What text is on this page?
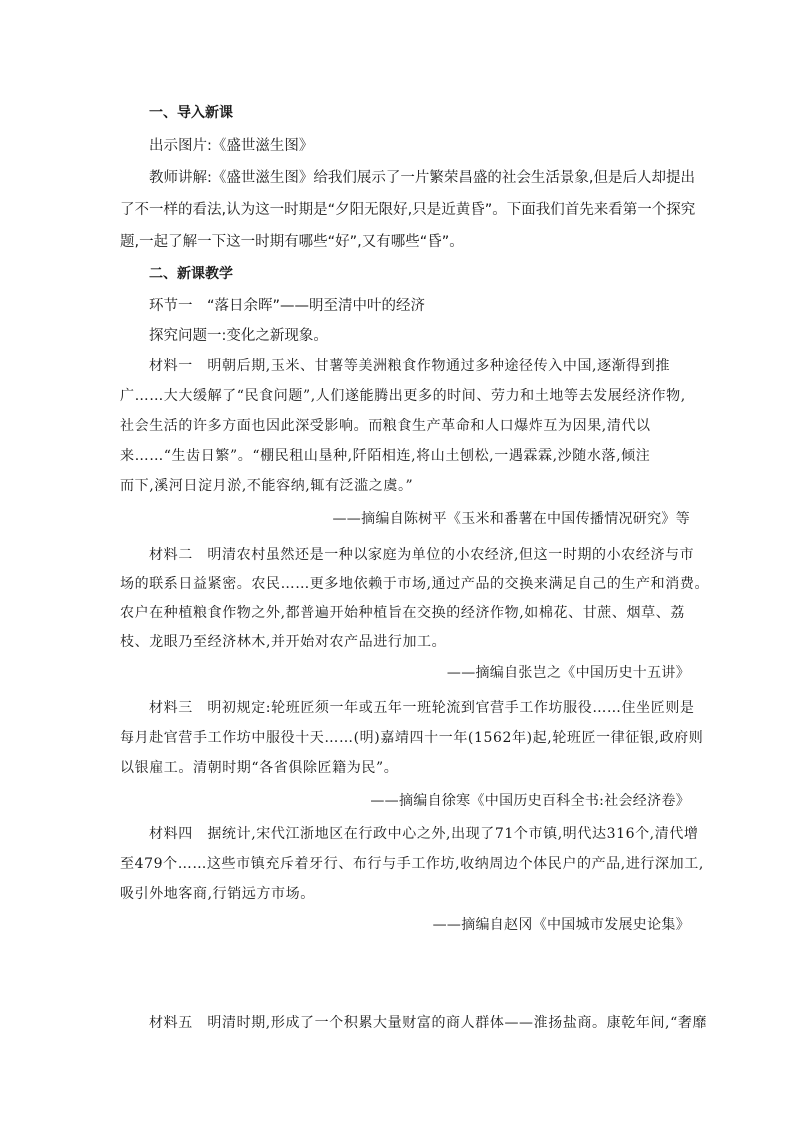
一、导入新课
出示图片:《盛世滋生图》
教师讲解:《盛世滋生图》给我们展示了一片繁荣昌盛的社会生活景象,但是后人却提出
了不一样的看法,认为这一时期是“夕阳无限好,只是近黄昏”。下面我们首先来看第一个探究
题,一起了解一下这一时期有哪些“好”,又有哪些“昏”。
二、新课教学
环节一　“落日余晖”——明至清中叶的经济
探究问题一:变化之新现象。
材料一　明朝后期,玉米、甘薯等美洲粮食作物通过多种途径传入中国,逐渐得到推
广……大大缓解了“民食问题”,人们遂能腾出更多的时间、劳力和土地等去发展经济作物,
社会生活的许多方面也因此深受影响。而粮食生产革命和人口爆炸互为因果,清代以
来……“生齿日繁”。“棚民租山垦种,阡陌相连,将山土刨松,一遇霖霖,沙随水落,倾注
而下,溪河日淀月淤,不能容纳,辄有泛滥之虞。”
——摘编自陈树平《玉米和番薯在中国传播情况研究》等
材料二　明清农村虽然还是一种以家庭为单位的小农经济,但这一时期的小农经济与市
场的联系日益紧密。农民……更多地依赖于市场,通过产品的交换来满足自己的生产和消费。
农户在种植粮食作物之外,都普遍开始种植旨在交换的经济作物,如棉花、甘蔗、烟草、荔
枝、龙眼乃至经济林木,并开始对农产品进行加工。
——摘编自张岂之《中国历史十五讲》
材料三　明初规定:轮班匠须一年或五年一班轮流到官营手工作坊服役……住坐匠则是
每月赴官营手工作坊中服役十天……(明)嘉靖四十一年(1562年)起,轮班匠一律征银,政府则
以银雇工。清朝时期“各省俱除匠籍为民”。
——摘编自徐寒《中国历史百科全书:社会经济卷》
材料四　据统计,宋代江浙地区在行政中心之外,出现了71个市镇,明代达316个,清代增
至479个……这些市镇充斥着牙行、布行与手工作坊,收纳周边个体民户的产品,进行深加工,
吸引外地客商,行销远方市场。
——摘编自赵冈《中国城市发展史论集》
材料五　明清时期,形成了一个积累大量财富的商人群体——淮扬盐商。康乾年间,“奢靡
